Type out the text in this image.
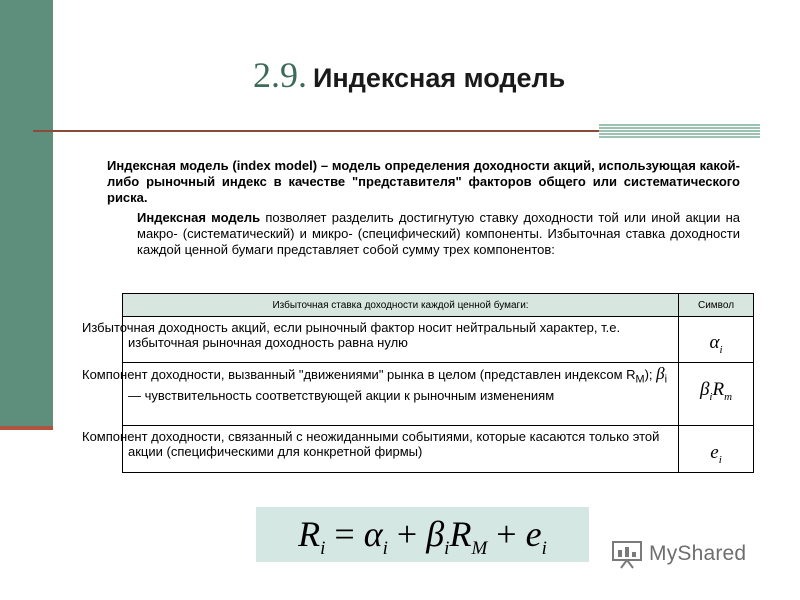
2.9. Индексная модель
Индексная модель (index model) – модель определения доходности акций, использующая какой-либо рыночный индекс в качестве "представителя" факторов общего или систематического риска.
Индексная модель позволяет разделить достигнутую ставку доходности той или иной акции на макро- (систематический) и микро- (специфический) компоненты. Избыточная ставка доходности каждой ценной бумаги представляет собой сумму трех компонентов:
Избыточная ставка доходности каждой ценной бумаги:	Символ
Избыточная доходность акций, если рыночный фактор носит нейтральный характер, т.е. избыточная рыночная доходность равна нулю	$\alpha_i$
Компонент доходности, вызванный "движениями" рынка в целом (представлен индексом $R_M$); $\beta_i$ — чувствительность соответствующей акции к рыночным изменениям	$\beta_iR_m$
Компонент доходности, связанный с неожиданными событиями, которые касаются только этой акции (специфическими для конкретной фирмы)	$e_i$
$R_i = \alpha_i + \beta_iR_M + e_i$	MyShared
